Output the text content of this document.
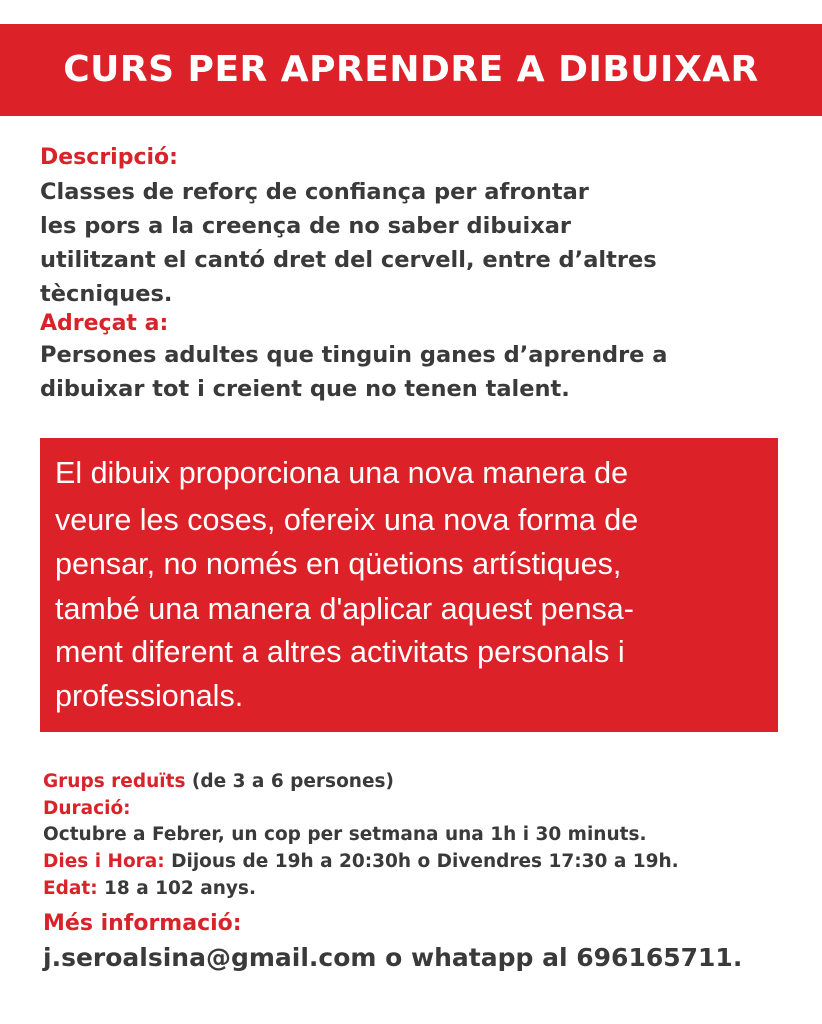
CURS PER APRENDRE A DIBUIXAR
Descripció:
Classes de reforç de confiança per afrontar
les pors a la creença de no saber dibuixar
utilitzant el cantó dret del cervell, entre d’altres
tècniques.
Adreçat a:
Persones adultes que tinguin ganes d’aprendre a
dibuixar tot i creient que no tenen talent.
El dibuix proporciona una nova manera de
veure les coses, ofereix una nova forma de
pensar, no només en qüetions artístiques,
també una manera d'aplicar aquest pensa-
ment diferent a altres activitats personals i
professionals.
Grups reduïts (de 3 a 6 persones)
Duració:
Octubre a Febrer, un cop per setmana una 1h i 30 minuts.
Dies i Hora: Dijous de 19h a 20:30h o Divendres 17:30 a 19h.
Edat: 18 a 102 anys.
Més informació:
j.seroalsina@gmail.com o whatapp al 696165711.
